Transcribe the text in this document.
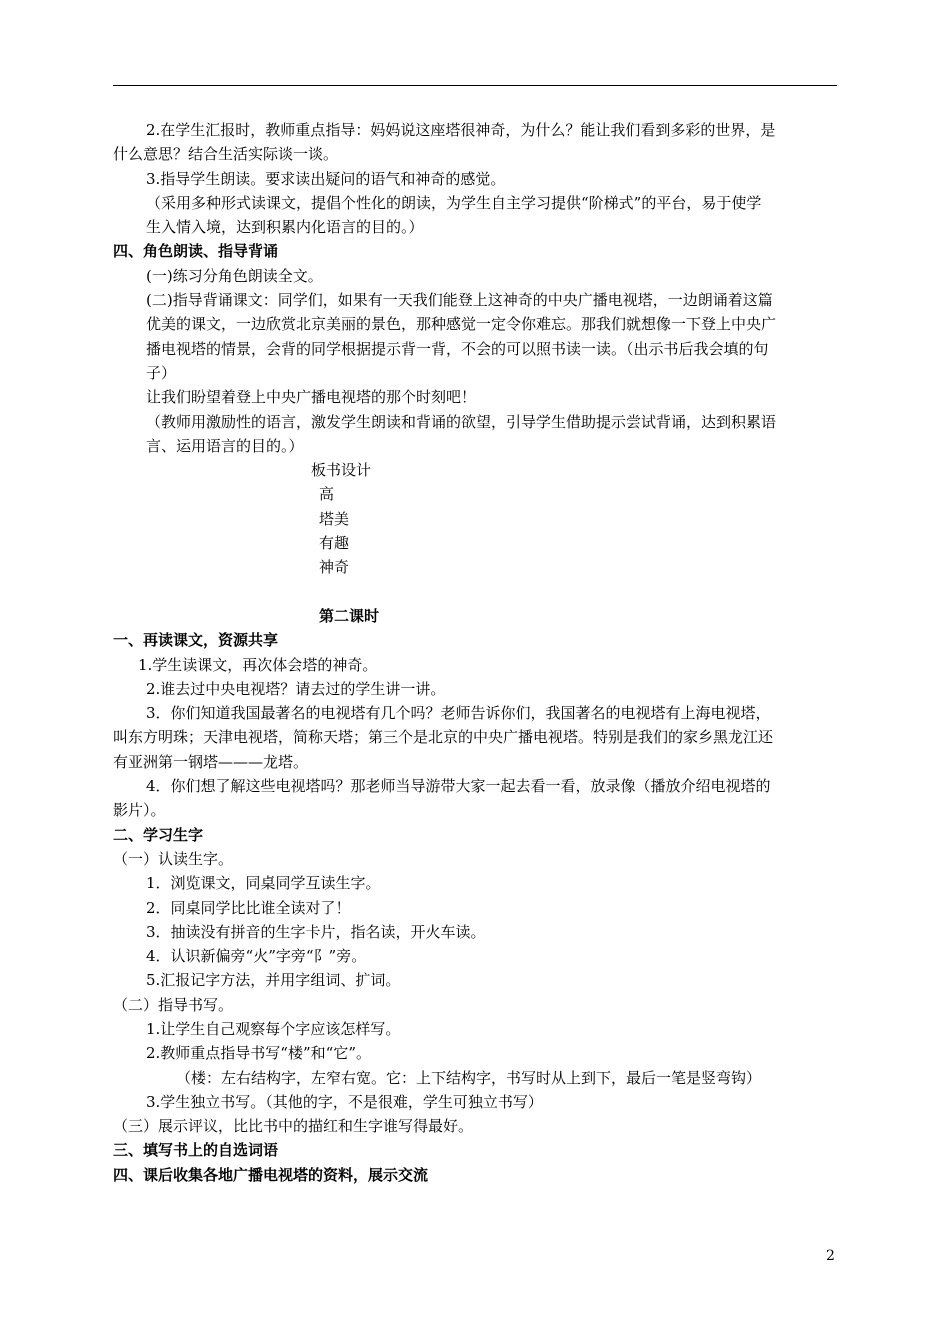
2.在学生汇报时，教师重点指导：妈妈说这座塔很神奇，为什么？能让我们看到多彩的世界，是
什么意思？结合生活实际谈一谈。
3.指导学生朗读。要求读出疑问的语气和神奇的感觉。
（采用多种形式读课文，提倡个性化的朗读，为学生自主学习提供“阶梯式”的平台，易于使学
生入情入境，达到积累内化语言的目的。）
四、角色朗读、指导背诵
(一)练习分角色朗读全文。
(二)指导背诵课文：同学们，如果有一天我们能登上这神奇的中央广播电视塔，一边朗诵着这篇
优美的课文，一边欣赏北京美丽的景色，那种感觉一定令你难忘。那我们就想像一下登上中央广
播电视塔的情景，会背的同学根据提示背一背，不会的可以照书读一读。（出示书后我会填的句
子）
让我们盼望着登上中央广播电视塔的那个时刻吧！
（教师用激励性的语言，激发学生朗读和背诵的欲望，引导学生借助提示尝试背诵，达到积累语
言、运用语言的目的。）
板书设计
高
塔美
有趣
神奇
第二课时
一、再读课文，资源共享
1.学生读课文，再次体会塔的神奇。
2.谁去过中央电视塔？请去过的学生讲一讲。
3．你们知道我国最著名的电视塔有几个吗？老师告诉你们，我国著名的电视塔有上海电视塔，
叫东方明珠；天津电视塔，简称天塔；第三个是北京的中央广播电视塔。特别是我们的家乡黑龙江还
有亚洲第一钢塔———龙塔。
4．你们想了解这些电视塔吗？那老师当导游带大家一起去看一看，放录像（播放介绍电视塔的
影片）。
二、学习生字
（一）认读生字。
1．浏览课文，同桌同学互读生字。
2．同桌同学比比谁全读对了！
3．抽读没有拼音的生字卡片，指名读，开火车读。
4．认识新偏旁“火”字旁“阝”旁。
5.汇报记字方法，并用字组词、扩词。
（二）指导书写。
1.让学生自己观察每个字应该怎样写。
2.教师重点指导书写“楼”和“它”。
（楼：左右结构字，左窄右宽。它：上下结构字，书写时从上到下，最后一笔是竖弯钩）
3.学生独立书写。（其他的字，不是很难，学生可独立书写）
（三）展示评议，比比书中的描红和生字谁写得最好。
三、填写书上的自选词语
四、课后收集各地广播电视塔的资料，展示交流
2
